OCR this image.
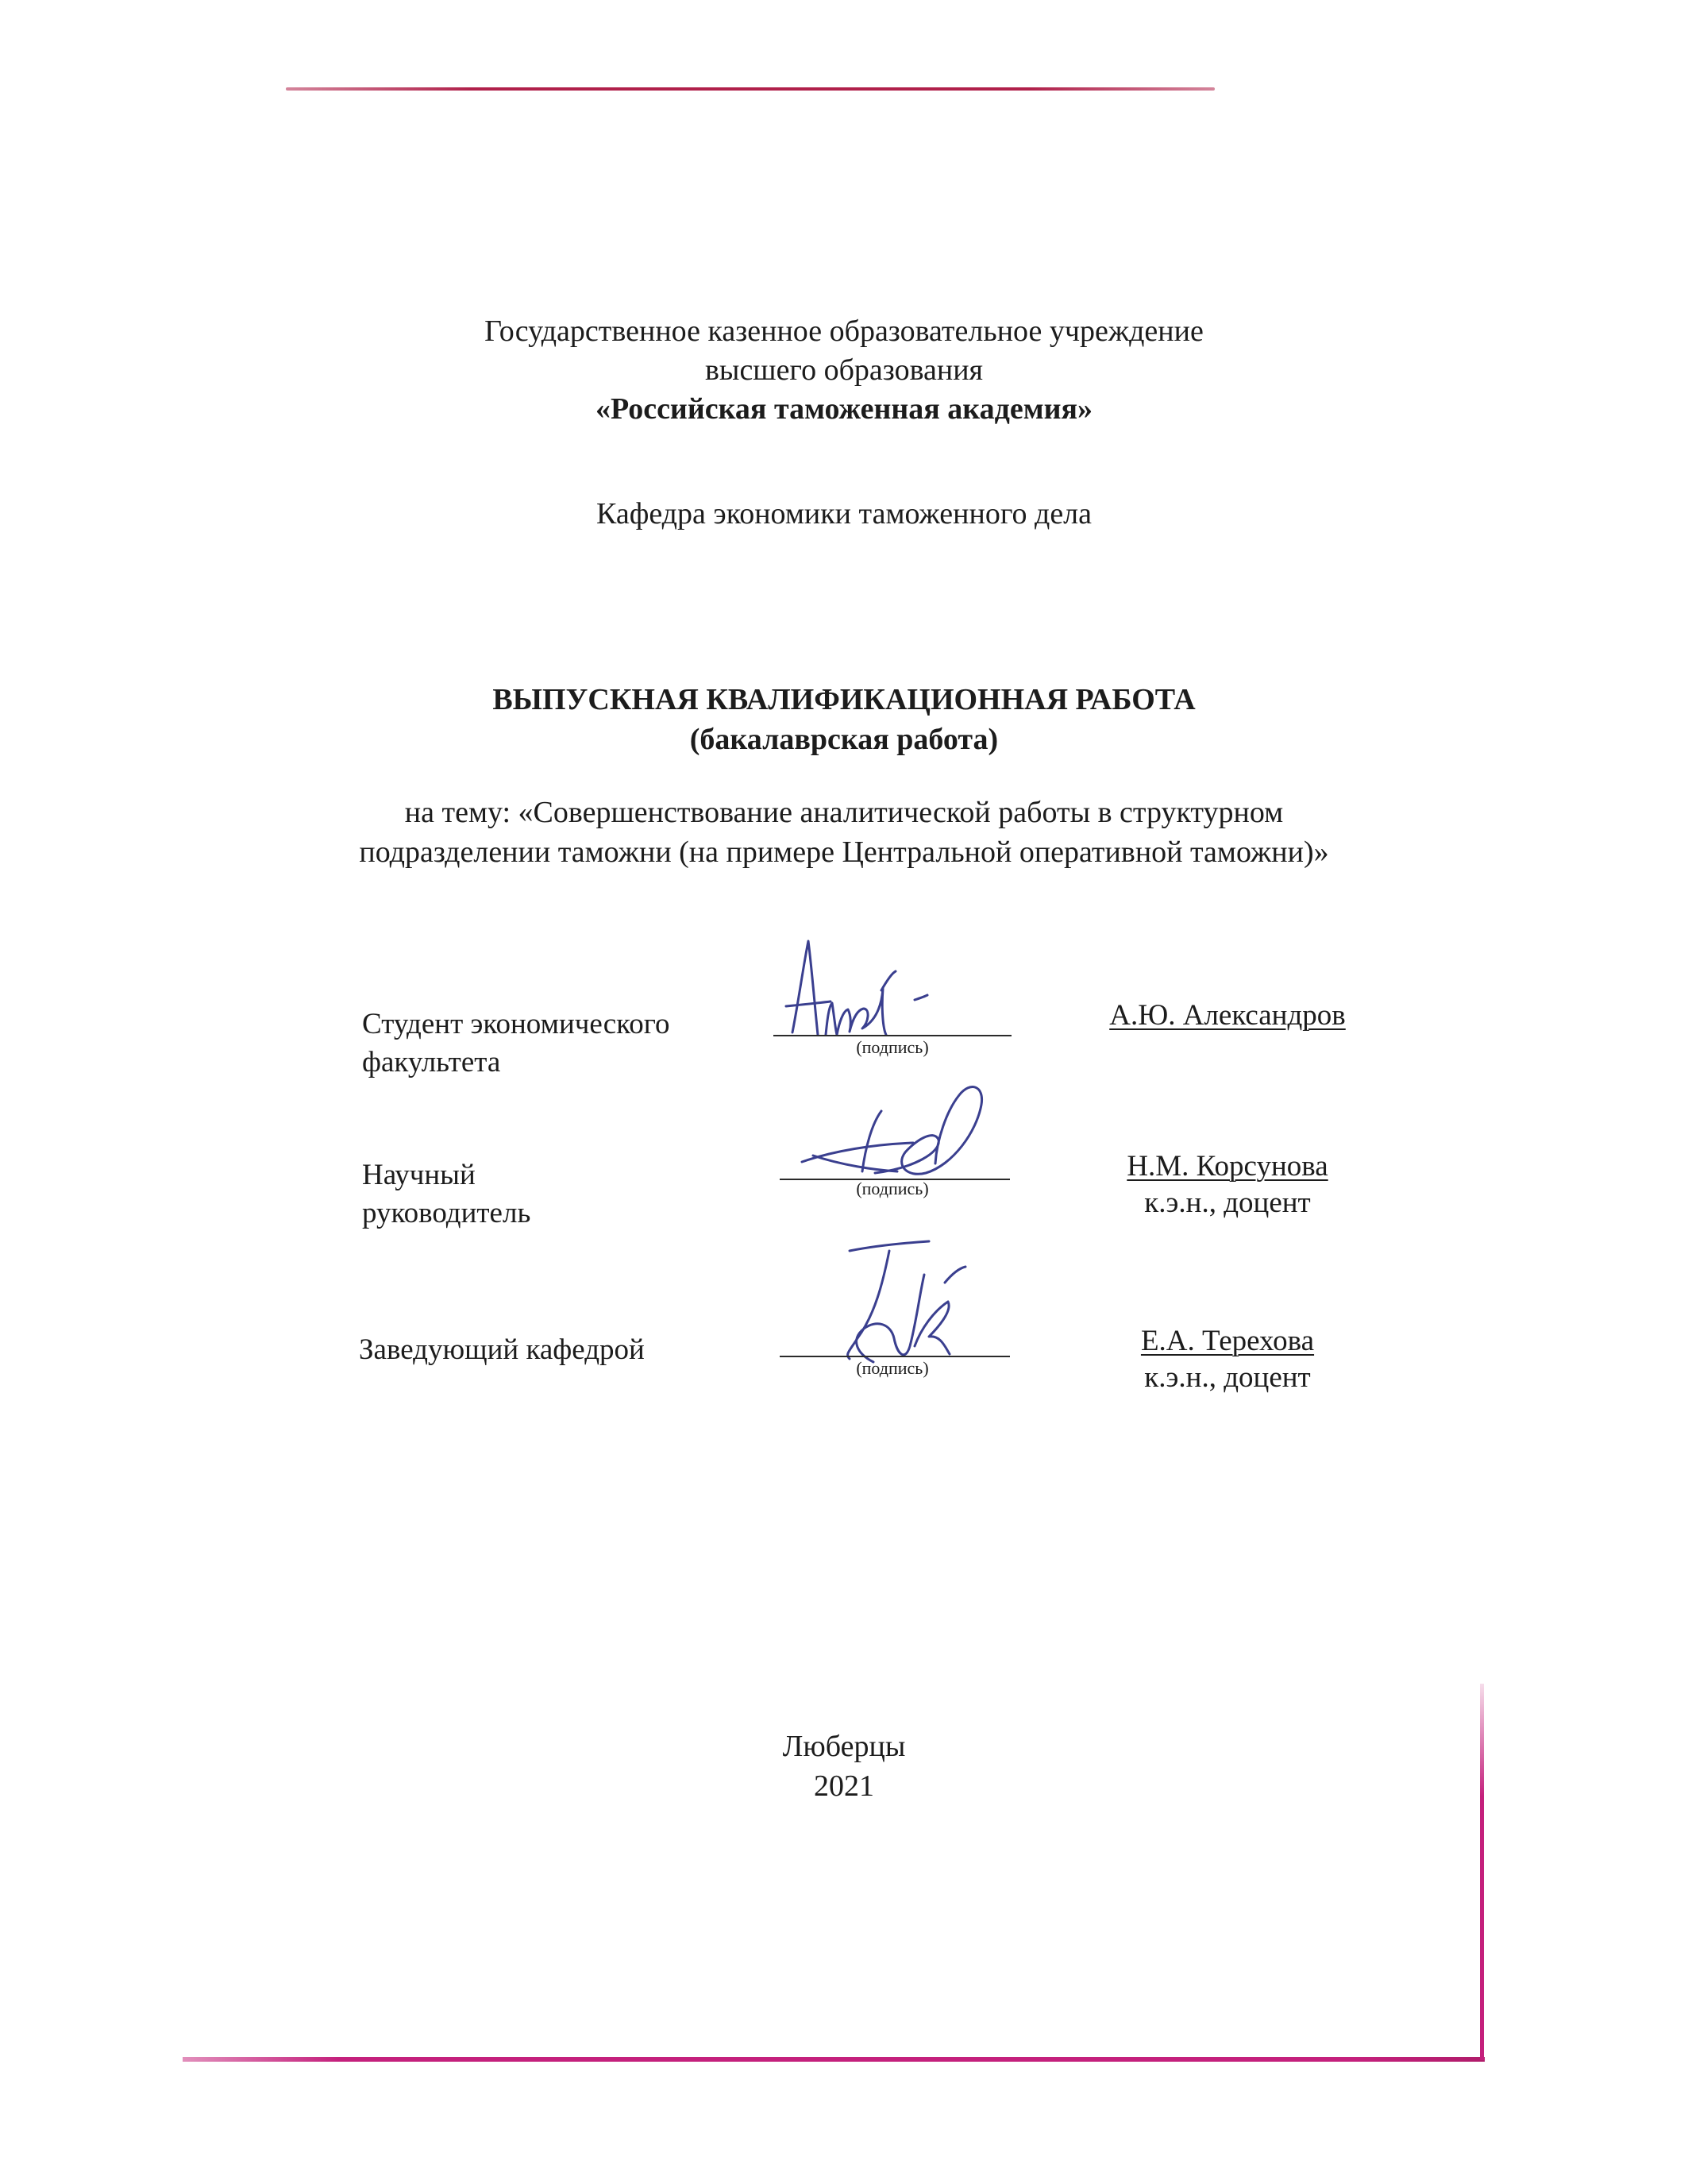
Государственное казенное образовательное учреждение
высшего образования
«Российская таможенная академия»
Кафедра экономики таможенного дела
ВЫПУСКНАЯ КВАЛИФИКАЦИОННАЯ РАБОТА
(бакалаврская работа)
на тему: «Совершенствование аналитической работы в структурном
подразделении таможни (на примере Центральной оперативной таможни)»
Студент экономического
факультета	(подпись)
А.Ю. Александров
Научный
руководитель
(подпись)
Н.М. Корсунова
к.э.н., доцент
Заведующий кафедрой
(подпись)
Е.А. Терехова
к.э.н., доцент
Люберцы
2021
